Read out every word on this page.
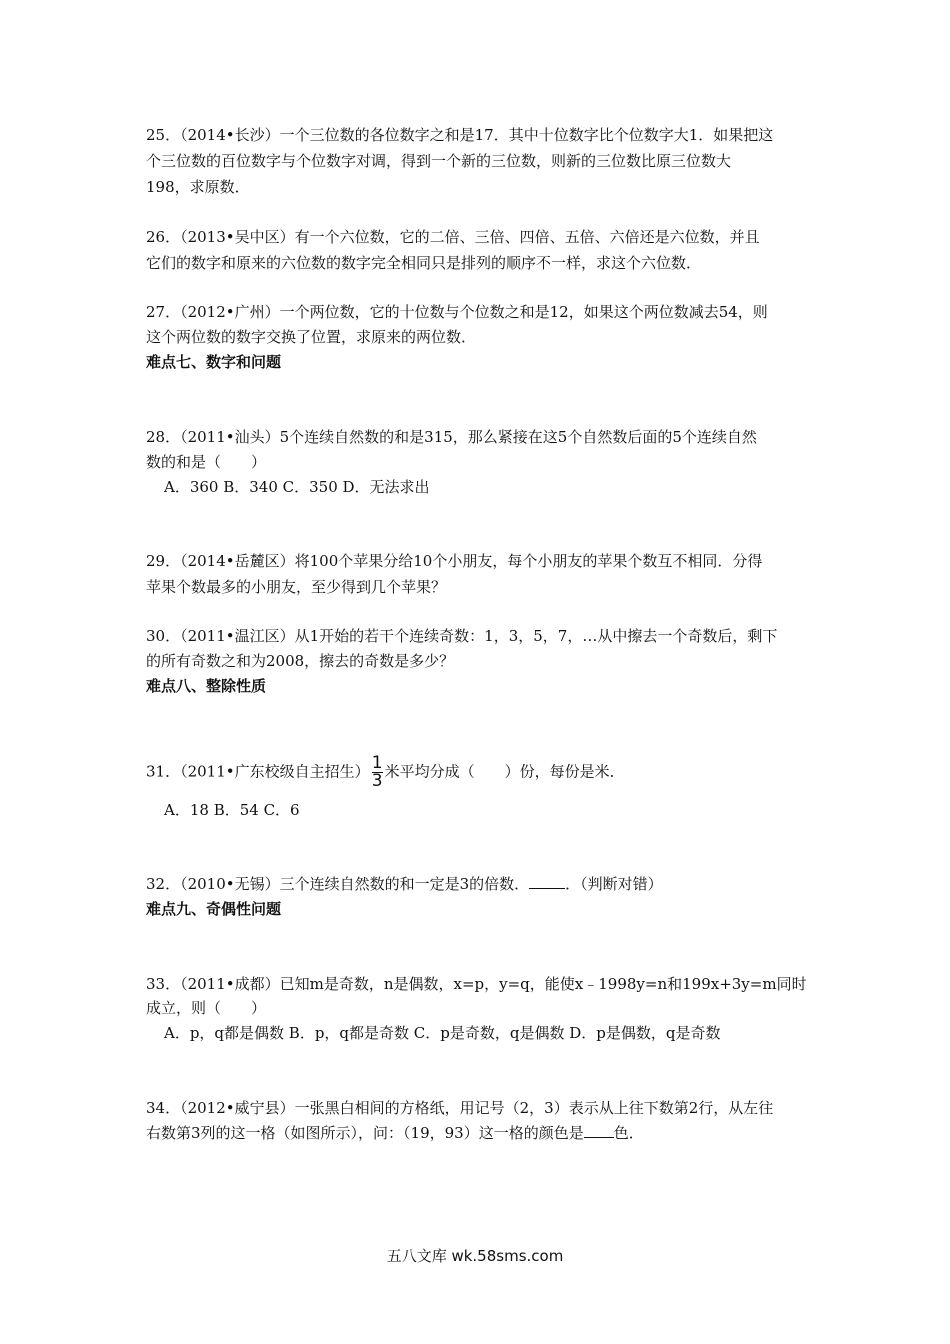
25．（2014•长沙）一个三位数的各位数字之和是17．其中十位数字比个位数字大1．如果把这
个三位数的百位数字与个位数字对调，得到一个新的三位数，则新的三位数比原三位数大
198，求原数．
26．（2013•吴中区）有一个六位数，它的二倍、三倍、四倍、五倍、六倍还是六位数，并且
它们的数字和原来的六位数的数字完全相同只是排列的顺序不一样，求这个六位数．
27．（2012•广州）一个两位数，它的十位数与个位数之和是12，如果这个两位数减去54，则
这个两位数的数字交换了位置，求原来的两位数．
难点七、数字和问题
28．（2011•汕头）5个连续自然数的和是315，那么紧接在这5个自然数后面的5个连续自然
数的和是（　　）
A．360 B．340 C．350 D．无法求出
29．（2014•岳麓区）将100个苹果分给10个小朋友，每个小朋友的苹果个数互不相同．分得
苹果个数最多的小朋友，至少得到几个苹果？
30．（2011•温江区）从1开始的若干个连续奇数：1，3，5，7，…从中擦去一个奇数后，剩下
的所有奇数之和为2008，擦去的奇数是多少？
难点八、整除性质
31．（2011•广东校级自主招生） $\frac{1}{3}$ 米平均分成（　　）份，每份是米．
A．18 B．54 C．6
32．（2010•无锡）三个连续自然数的和一定是3的倍数． ．（判断对错）
难点九、奇偶性问题
33．（2011•成都）已知m是奇数，n是偶数，x=p，y=q，能使x﹣1998y=n和199x+3y=m同时
成立，则（　　）
A．p，q都是偶数 B．p，q都是奇数 C．p是奇数，q是偶数 D．p是偶数，q是奇数
34．（2012•威宁县）一张黑白相间的方格纸，用记号（2，3）表示从上往下数第2行，从左往
右数第3列的这一格（如图所示），问：（19，93）这一格的颜色是 色．
五八文库 wk.58sms.com
